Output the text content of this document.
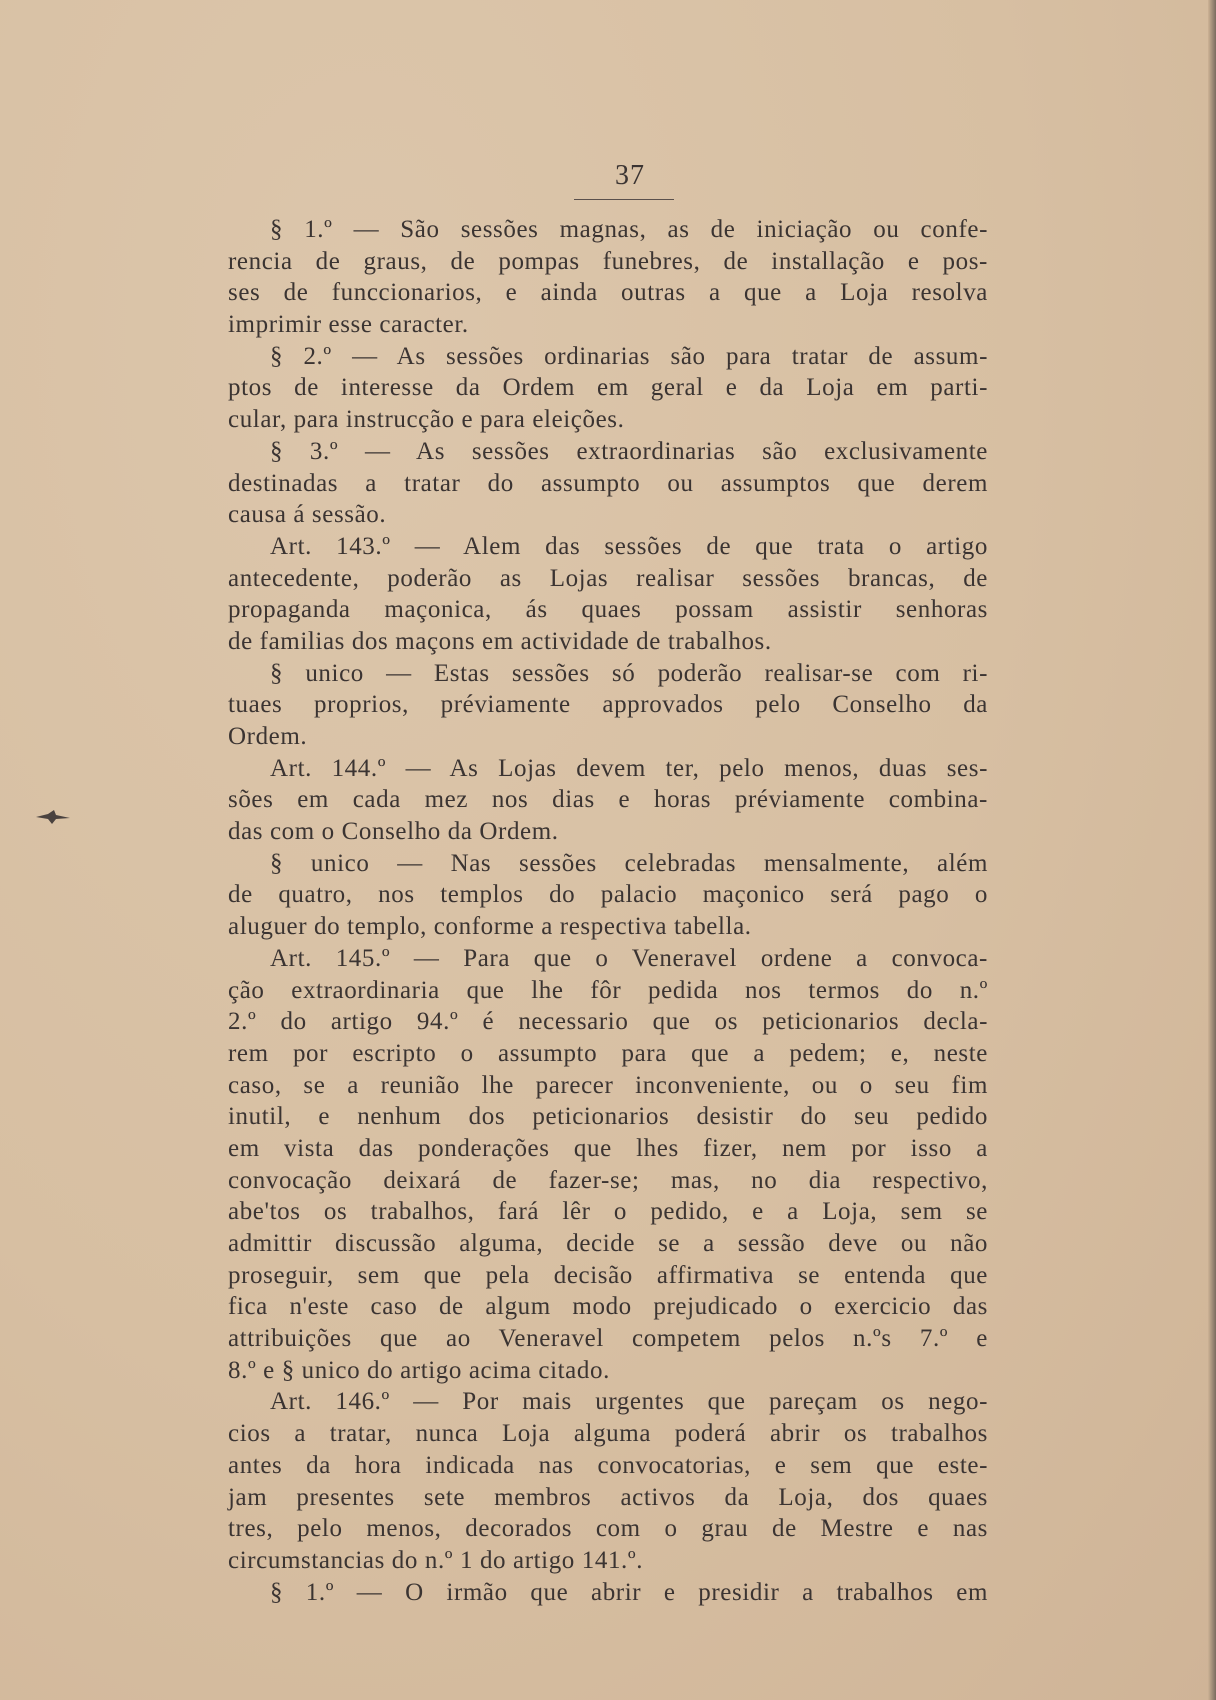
37
§ 1.º — São sessões magnas, as de iniciação ou confe-
rencia de graus, de pompas funebres, de installação e pos-
ses de funccionarios, e ainda outras a que a Loja resolva
imprimir esse caracter.
§ 2.º — As sessões ordinarias são para tratar de assum-
ptos de interesse da Ordem em geral e da Loja em parti-
cular, para instrucção e para eleições.
§ 3.º — As sessões extraordinarias são exclusivamente
destinadas a tratar do assumpto ou assumptos que derem
causa á sessão.
Art. 143.º — Alem das sessões de que trata o artigo
antecedente, poderão as Lojas realisar sessões brancas, de
propaganda maçonica, ás quaes possam assistir senhoras
de familias dos maçons em actividade de trabalhos.
§ unico — Estas sessões só poderão realisar-se com ri-
tuaes proprios, préviamente approvados pelo Conselho da
Ordem.
Art. 144.º — As Lojas devem ter, pelo menos, duas ses-
sões em cada mez nos dias e horas préviamente combina-
das com o Conselho da Ordem.
§ unico — Nas sessões celebradas mensalmente, além
de quatro, nos templos do palacio maçonico será pago o
aluguer do templo, conforme a respectiva tabella.
Art. 145.º — Para que o Veneravel ordene a convoca-
ção extraordinaria que lhe fôr pedida nos termos do n.º
2.º do artigo 94.º é necessario que os peticionarios decla-
rem por escripto o assumpto para que a pedem; e, neste
caso, se a reunião lhe parecer inconveniente, ou o seu fim
inutil, e nenhum dos peticionarios desistir do seu pedido
em vista das ponderações que lhes fizer, nem por isso a
convocação deixará de fazer-se; mas, no dia respectivo,
abe'tos os trabalhos, fará lêr o pedido, e a Loja, sem se
admittir discussão alguma, decide se a sessão deve ou não
proseguir, sem que pela decisão affirmativa se entenda que
fica n'este caso de algum modo prejudicado o exercicio das
attribuições que ao Veneravel competem pelos n.ºs 7.º e
8.º e § unico do artigo acima citado.
Art. 146.º — Por mais urgentes que pareçam os nego-
cios a tratar, nunca Loja alguma poderá abrir os trabalhos
antes da hora indicada nas convocatorias, e sem que este-
jam presentes sete membros activos da Loja, dos quaes
tres, pelo menos, decorados com o grau de Mestre e nas
circumstancias do n.º 1 do artigo 141.º.
§ 1.º — O irmão que abrir e presidir a trabalhos em
